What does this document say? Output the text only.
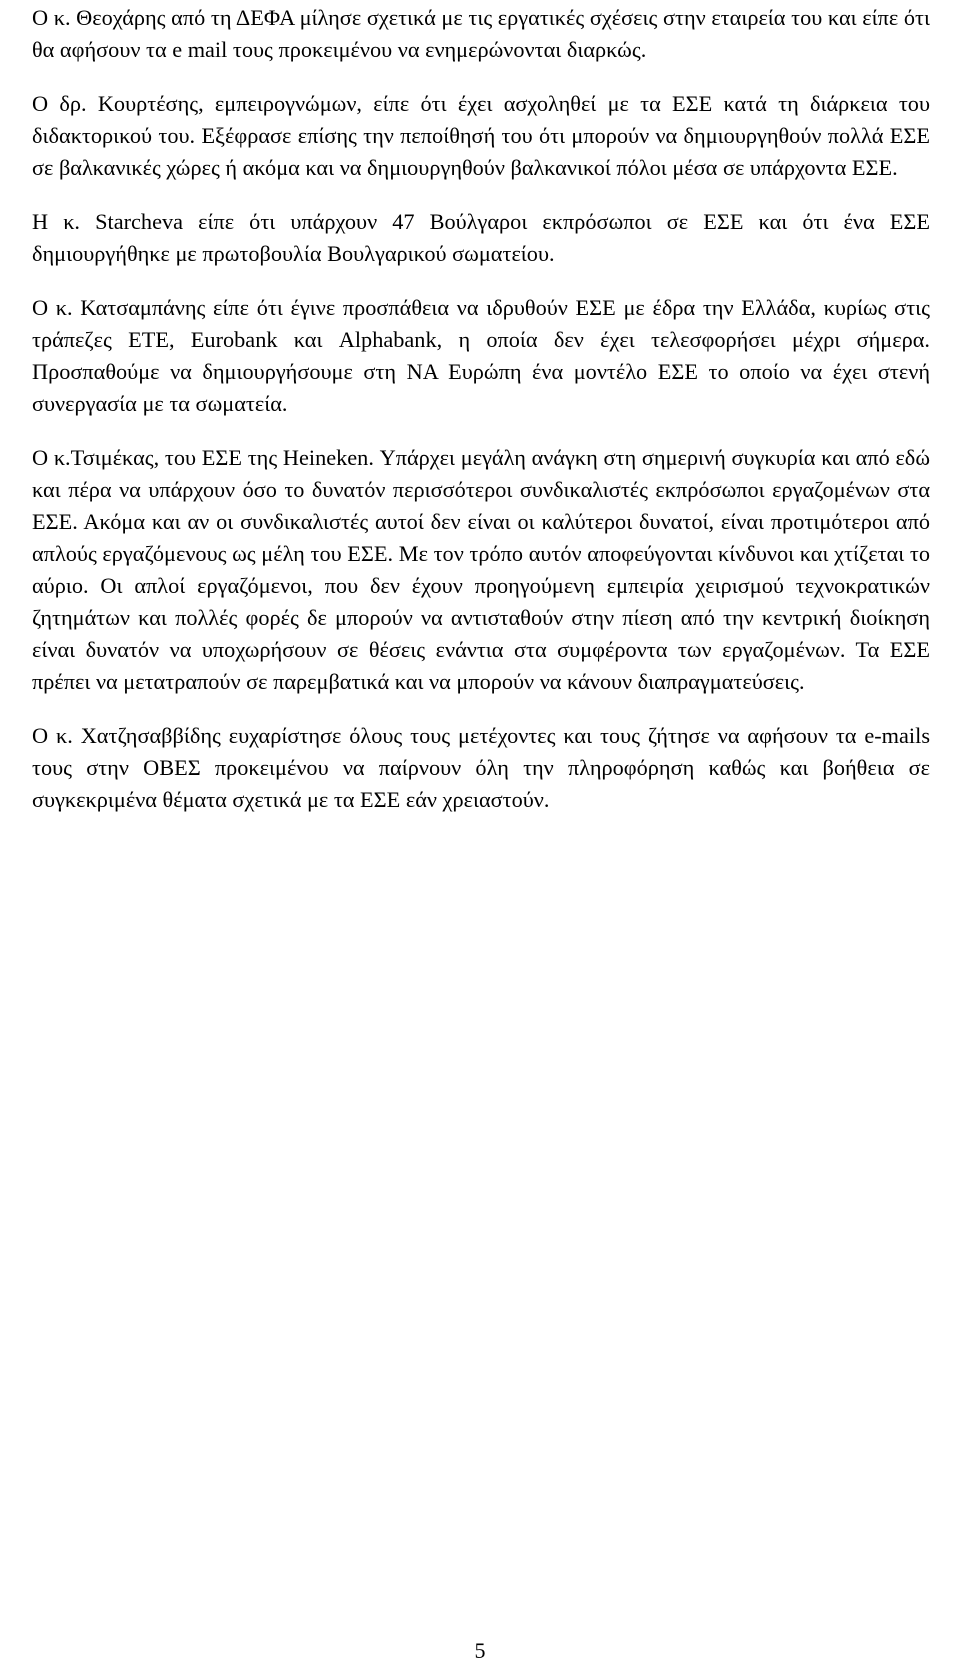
Ο κ. Θεοχάρης από τη ΔΕΦΑ μίλησε σχετικά με τις εργατικές σχέσεις στην εταιρεία του και είπε ότι θα αφήσουν τα e mail τους προκειμένου να ενημερώνονται διαρκώς.

Ο δρ. Κουρτέσης, εμπειρογνώμων, είπε ότι έχει ασχοληθεί με τα ΕΣΕ κατά τη διάρκεια του διδακτορικού του. Εξέφρασε επίσης την πεποίθησή του ότι μπορούν να δημιουργηθούν πολλά ΕΣΕ σε βαλκανικές χώρες ή ακόμα και να δημιουργηθούν βαλκανικοί πόλοι μέσα σε υπάρχοντα ΕΣΕ.

Η κ. Starcheva είπε ότι υπάρχουν 47 Βούλγαροι εκπρόσωποι σε ΕΣΕ και ότι ένα ΕΣΕ δημιουργήθηκε με πρωτοβουλία Βουλγαρικού σωματείου.

Ο κ. Κατσαμπάνης είπε ότι έγινε προσπάθεια να ιδρυθούν ΕΣΕ με έδρα την Ελλάδα, κυρίως στις τράπεζες ΕΤΕ, Eurobank και Alphabank, η οποία δεν έχει τελεσφορήσει μέχρι σήμερα. Προσπαθούμε να δημιουργήσουμε στη ΝΑ Ευρώπη ένα μοντέλο ΕΣΕ το οποίο να έχει στενή συνεργασία με τα σωματεία.

Ο κ.Τσιμέκας, του ΕΣΕ της Heineken. Υπάρχει μεγάλη ανάγκη στη σημερινή συγκυρία και από εδώ και πέρα να υπάρχουν όσο το δυνατόν περισσότεροι συνδικαλιστές εκπρόσωποι εργαζομένων στα ΕΣΕ. Ακόμα και αν οι συνδικαλιστές αυτοί δεν είναι οι καλύτεροι δυνατοί, είναι προτιμότεροι από απλούς εργαζόμενους ως μέλη του ΕΣΕ. Με τον τρόπο αυτόν αποφεύγονται κίνδυνοι και χτίζεται το αύριο. Οι απλοί εργαζόμενοι, που δεν έχουν προηγούμενη εμπειρία χειρισμού τεχνοκρατικών ζητημάτων και πολλές φορές δε μπορούν να αντισταθούν στην πίεση από την κεντρική διοίκηση είναι δυνατόν να υποχωρήσουν σε θέσεις ενάντια στα συμφέροντα των εργαζομένων. Τα ΕΣΕ πρέπει να μετατραπούν σε παρεμβατικά και να μπορούν να κάνουν διαπραγματεύσεις.

Ο κ. Χατζησαββίδης ευχαρίστησε όλους τους μετέχοντες και τους ζήτησε να αφήσουν τα e-mails τους στην ΟΒΕΣ προκειμένου να παίρνουν όλη την πληροφόρηση καθώς και βοήθεια σε συγκεκριμένα θέματα σχετικά με τα ΕΣΕ εάν χρειαστούν.

5
